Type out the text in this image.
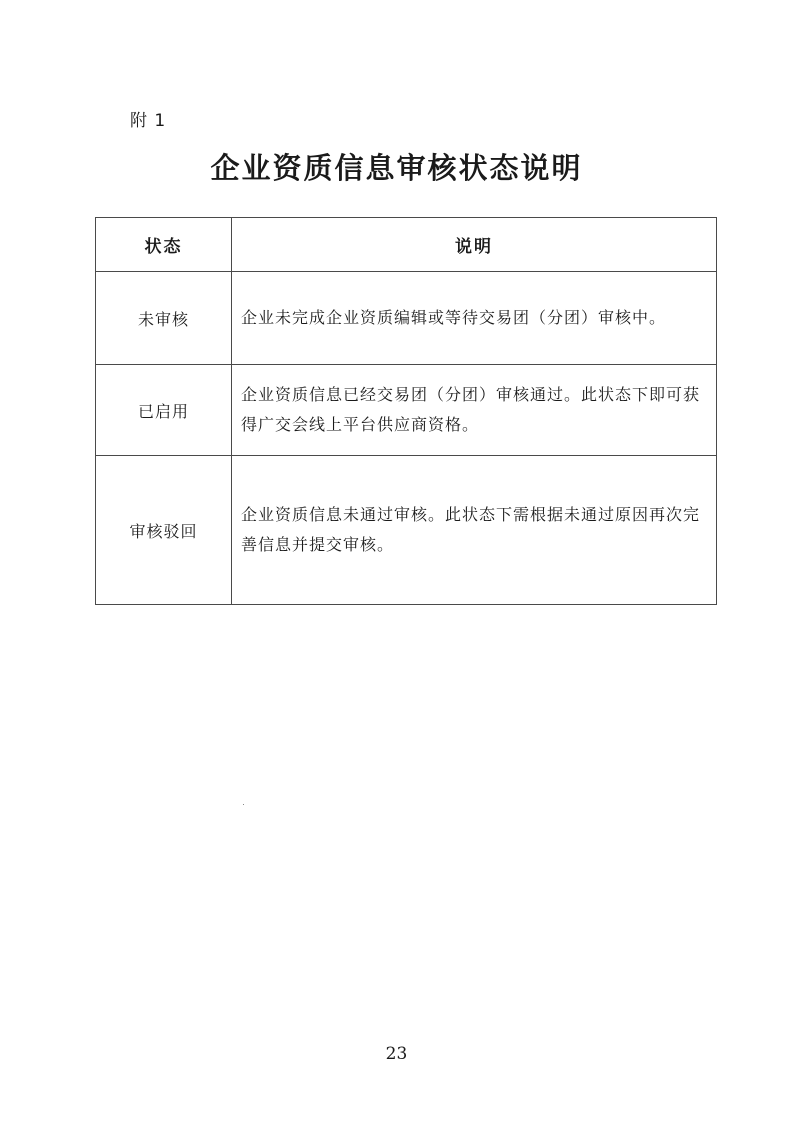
附 1
企业资质信息审核状态说明
状态	说明
未审核	企业未完成企业资质编辑或等待交易团（分团）审核中。
已启用	企业资质信息已经交易团（分团）审核通过。此状态下即可获得广交会线上平台供应商资格。
审核驳回	企业资质信息未通过审核。此状态下需根据未通过原因再次完善信息并提交审核。
23
